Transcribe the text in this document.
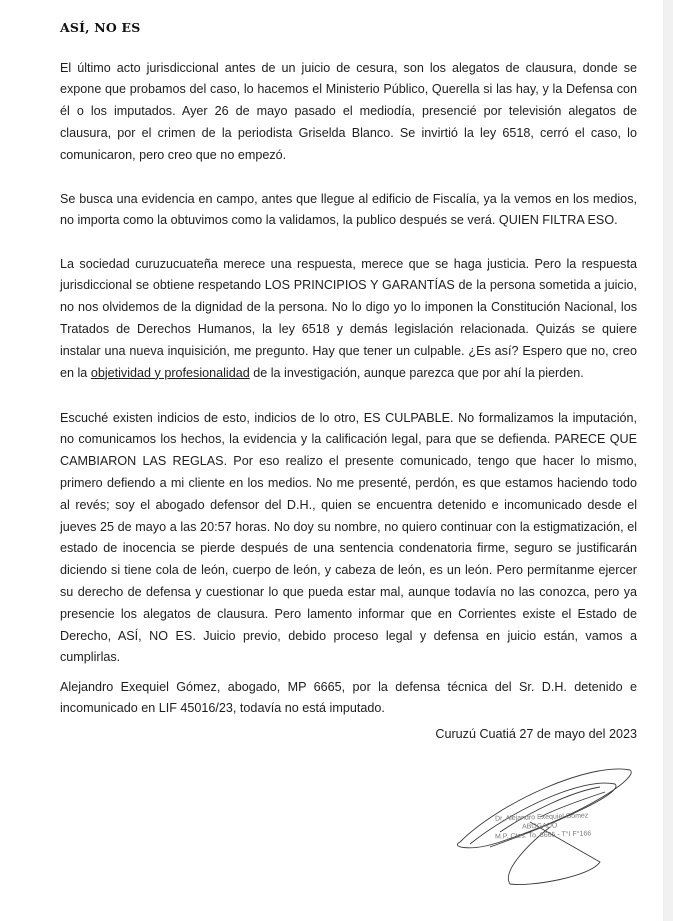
ASÍ, NO ES

El último acto jurisdiccional antes de un juicio de cesura, son los alegatos de clausura, donde se expone que probamos del caso, lo hacemos el Ministerio Público, Querella si las hay, y la Defensa con él o los imputados. Ayer 26 de mayo pasado el mediodía, presencié por televisión alegatos de clausura, por el crimen de la periodista Griselda Blanco. Se invirtió la ley 6518, cerró el caso, lo comunicaron, pero creo que no empezó.

Se busca una evidencia en campo, antes que llegue al edificio de Fiscalía, ya la vemos en los medios, no importa como la obtuvimos como la validamos, la publico después se verá. QUIEN FILTRA ESO.

La sociedad curuzucuateña merece una respuesta, merece que se haga justicia. Pero la respuesta jurisdiccional se obtiene respetando LOS PRINCIPIOS Y GARANTÍAS de la persona sometida a juicio, no nos olvidemos de la dignidad de la persona. No lo digo yo lo imponen la Constitución Nacional, los Tratados de Derechos Humanos, la ley 6518 y demás legislación relacionada. Quizás se quiere instalar una nueva inquisición, me pregunto. Hay que tener un culpable. ¿Es así? Espero que no, creo en la objetividad y profesionalidad de la investigación, aunque parezca que por ahí la pierden.

Escuché existen indicios de esto, indicios de lo otro, ES CULPABLE. No formalizamos la imputación, no comunicamos los hechos, la evidencia y la calificación legal, para que se defienda. PARECE QUE CAMBIARON LAS REGLAS. Por eso realizo el presente comunicado, tengo que hacer lo mismo, primero defiendo a mi cliente en los medios. No me presenté, perdón, es que estamos haciendo todo al revés; soy el abogado defensor del D.H., quien se encuentra detenido e incomunicado desde el jueves 25 de mayo a las 20:57 horas. No doy su nombre, no quiero continuar con la estigmatización, el estado de inocencia se pierde después de una sentencia condenatoria firme, seguro se justificarán diciendo si tiene cola de león, cuerpo de león, y cabeza de león, es un león. Pero permítanme ejercer su derecho de defensa y cuestionar lo que pueda estar mal, aunque todavía no las conozca, pero ya presencie los alegatos de clausura. Pero lamento informar que en Corrientes existe el Estado de Derecho, ASÍ, NO ES. Juicio previo, debido proceso legal y defensa en juicio están, vamos a cumplirlas.

Alejandro Exequiel Gómez, abogado, MP 6665, por la defensa técnica del Sr. D.H. detenido e incomunicado en LIF 45016/23, todavía no está imputado.

Curuzú Cuatiá 27 de mayo del 2023
Dr. Alejandro Exequiel Gomez
ABOGADO
M.P. Ctes. To. 6665 - T°I F°166
